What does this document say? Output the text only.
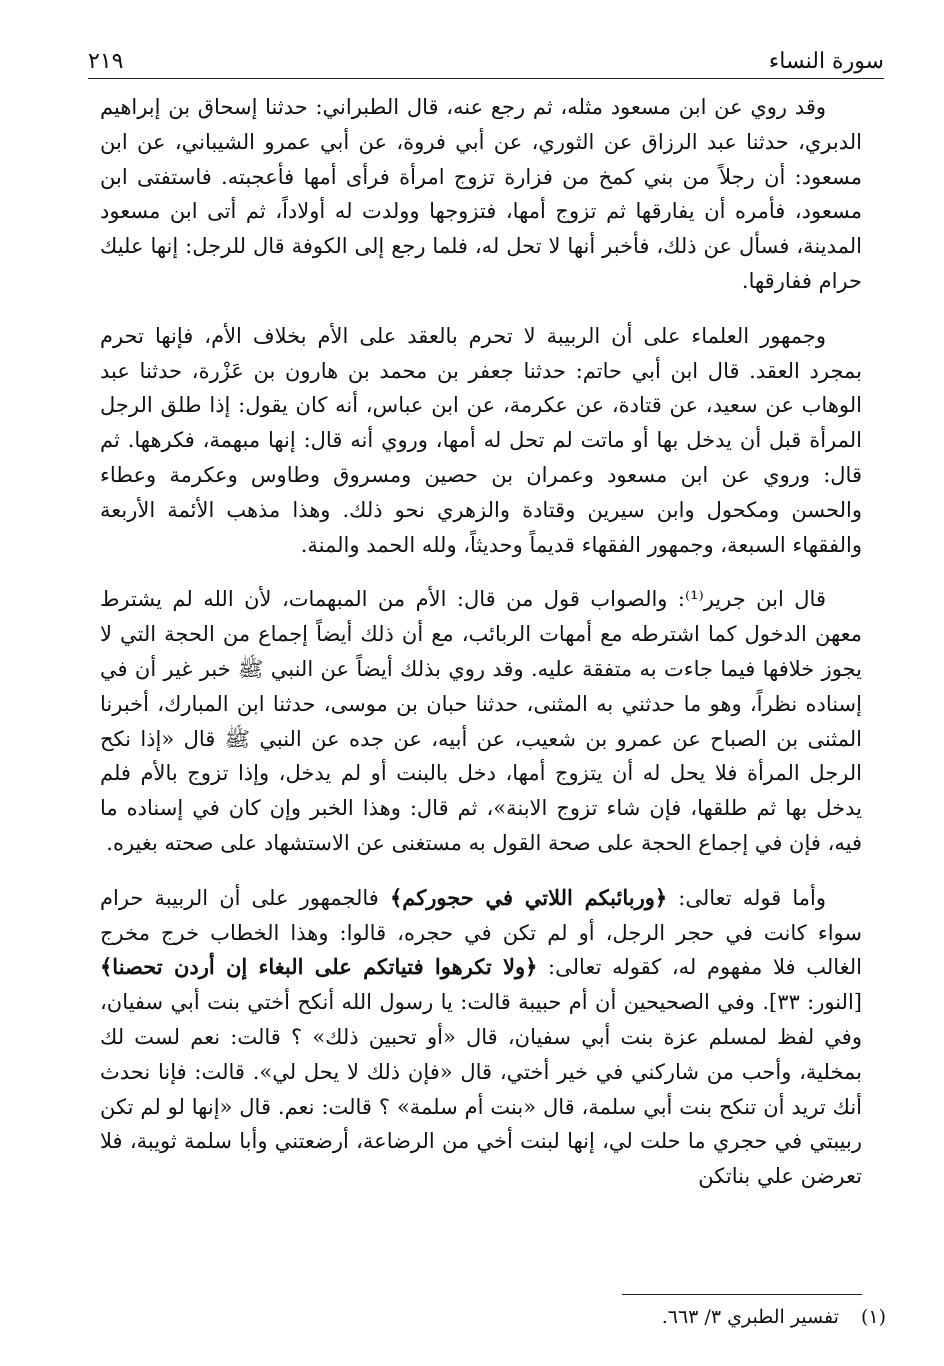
سورة النساء
٢١٩

وقد روي عن ابن مسعود مثله، ثم رجع عنه، قال الطبراني: حدثنا إسحاق بن إبراهيم الدبري، حدثنا عبد الرزاق عن الثوري، عن أبي فروة، عن أبي عمرو الشيباني، عن ابن مسعود: أن رجلاً من بني كمخ من فزارة تزوج امرأة فرأى أمها فأعجبته. فاستفتى ابن مسعود، فأمره أن يفارقها ثم تزوج أمها، فتزوجها وولدت له أولاداً، ثم أتى ابن مسعود المدينة، فسأل عن ذلك، فأخبر أنها لا تحل له، فلما رجع إلى الكوفة قال للرجل: إنها عليك حرام ففارقها.

وجمهور العلماء على أن الربيبة لا تحرم بالعقد على الأم بخلاف الأم، فإنها تحرم بمجرد العقد. قال ابن أبي حاتم: حدثنا جعفر بن محمد بن هارون بن عَزْرة، حدثنا عبد الوهاب عن سعيد، عن قتادة، عن عكرمة، عن ابن عباس، أنه كان يقول: إذا طلق الرجل المرأة قبل أن يدخل بها أو ماتت لم تحل له أمها، وروي أنه قال: إنها مبهمة، فكرهها. ثم قال: وروي عن ابن مسعود وعمران بن حصين ومسروق وطاوس وعكرمة وعطاء والحسن ومكحول وابن سيرين وقتادة والزهري نحو ذلك. وهذا مذهب الأئمة الأربعة والفقهاء السبعة، وجمهور الفقهاء قديماً وحديثاً، ولله الحمد والمنة.

قال ابن جرير⁽¹⁾: والصواب قول من قال: الأم من المبهمات، لأن الله لم يشترط معهن الدخول كما اشترطه مع أمهات الربائب، مع أن ذلك أيضاً إجماع من الحجة التي لا يجوز خلافها فيما جاءت به متفقة عليه. وقد روي بذلك أيضاً عن النبي ﷺ خبر غير أن في إسناده نظراً، وهو ما حدثني به المثنى، حدثنا حبان بن موسى، حدثنا ابن المبارك، أخبرنا المثنى بن الصباح عن عمرو بن شعيب، عن أبيه، عن جده عن النبي ﷺ قال «إذا نكح الرجل المرأة فلا يحل له أن يتزوج أمها، دخل بالبنت أو لم يدخل، وإذا تزوج بالأم فلم يدخل بها ثم طلقها، فإن شاء تزوج الابنة»، ثم قال: وهذا الخبر وإن كان في إسناده ما فيه، فإن في إجماع الحجة على صحة القول به مستغنى عن الاستشهاد على صحته بغيره.

وأما قوله تعالى: ﴿وربائبكم اللاتي في حجوركم﴾ فالجمهور على أن الربيبة حرام سواء كانت في حجر الرجل، أو لم تكن في حجره، قالوا: وهذا الخطاب خرج مخرج الغالب فلا مفهوم له، كقوله تعالى: ﴿ولا تكرهوا فتياتكم على البغاء إن أردن تحصنا﴾ [النور: ٣٣]. وفي الصحيحين أن أم حبيبة قالت: يا رسول الله أنكح أختي بنت أبي سفيان، وفي لفظ لمسلم عزة بنت أبي سفيان، قال «أو تحبين ذلك» ؟ قالت: نعم لست لك بمخلية، وأحب من شاركني في خير أختي، قال «فإن ذلك لا يحل لي». قالت: فإنا نحدث أنك تريد أن تنكح بنت أبي سلمة، قال «بنت أم سلمة» ؟ قالت: نعم. قال «إنها لو لم تكن ربيبتي في حجري ما حلت لي، إنها لبنت أخي من الرضاعة، أرضعتني وأبا سلمة ثويبة، فلا تعرضن علي بناتكن

(١)
تفسير الطبري ٣/ ٦٦٣.
